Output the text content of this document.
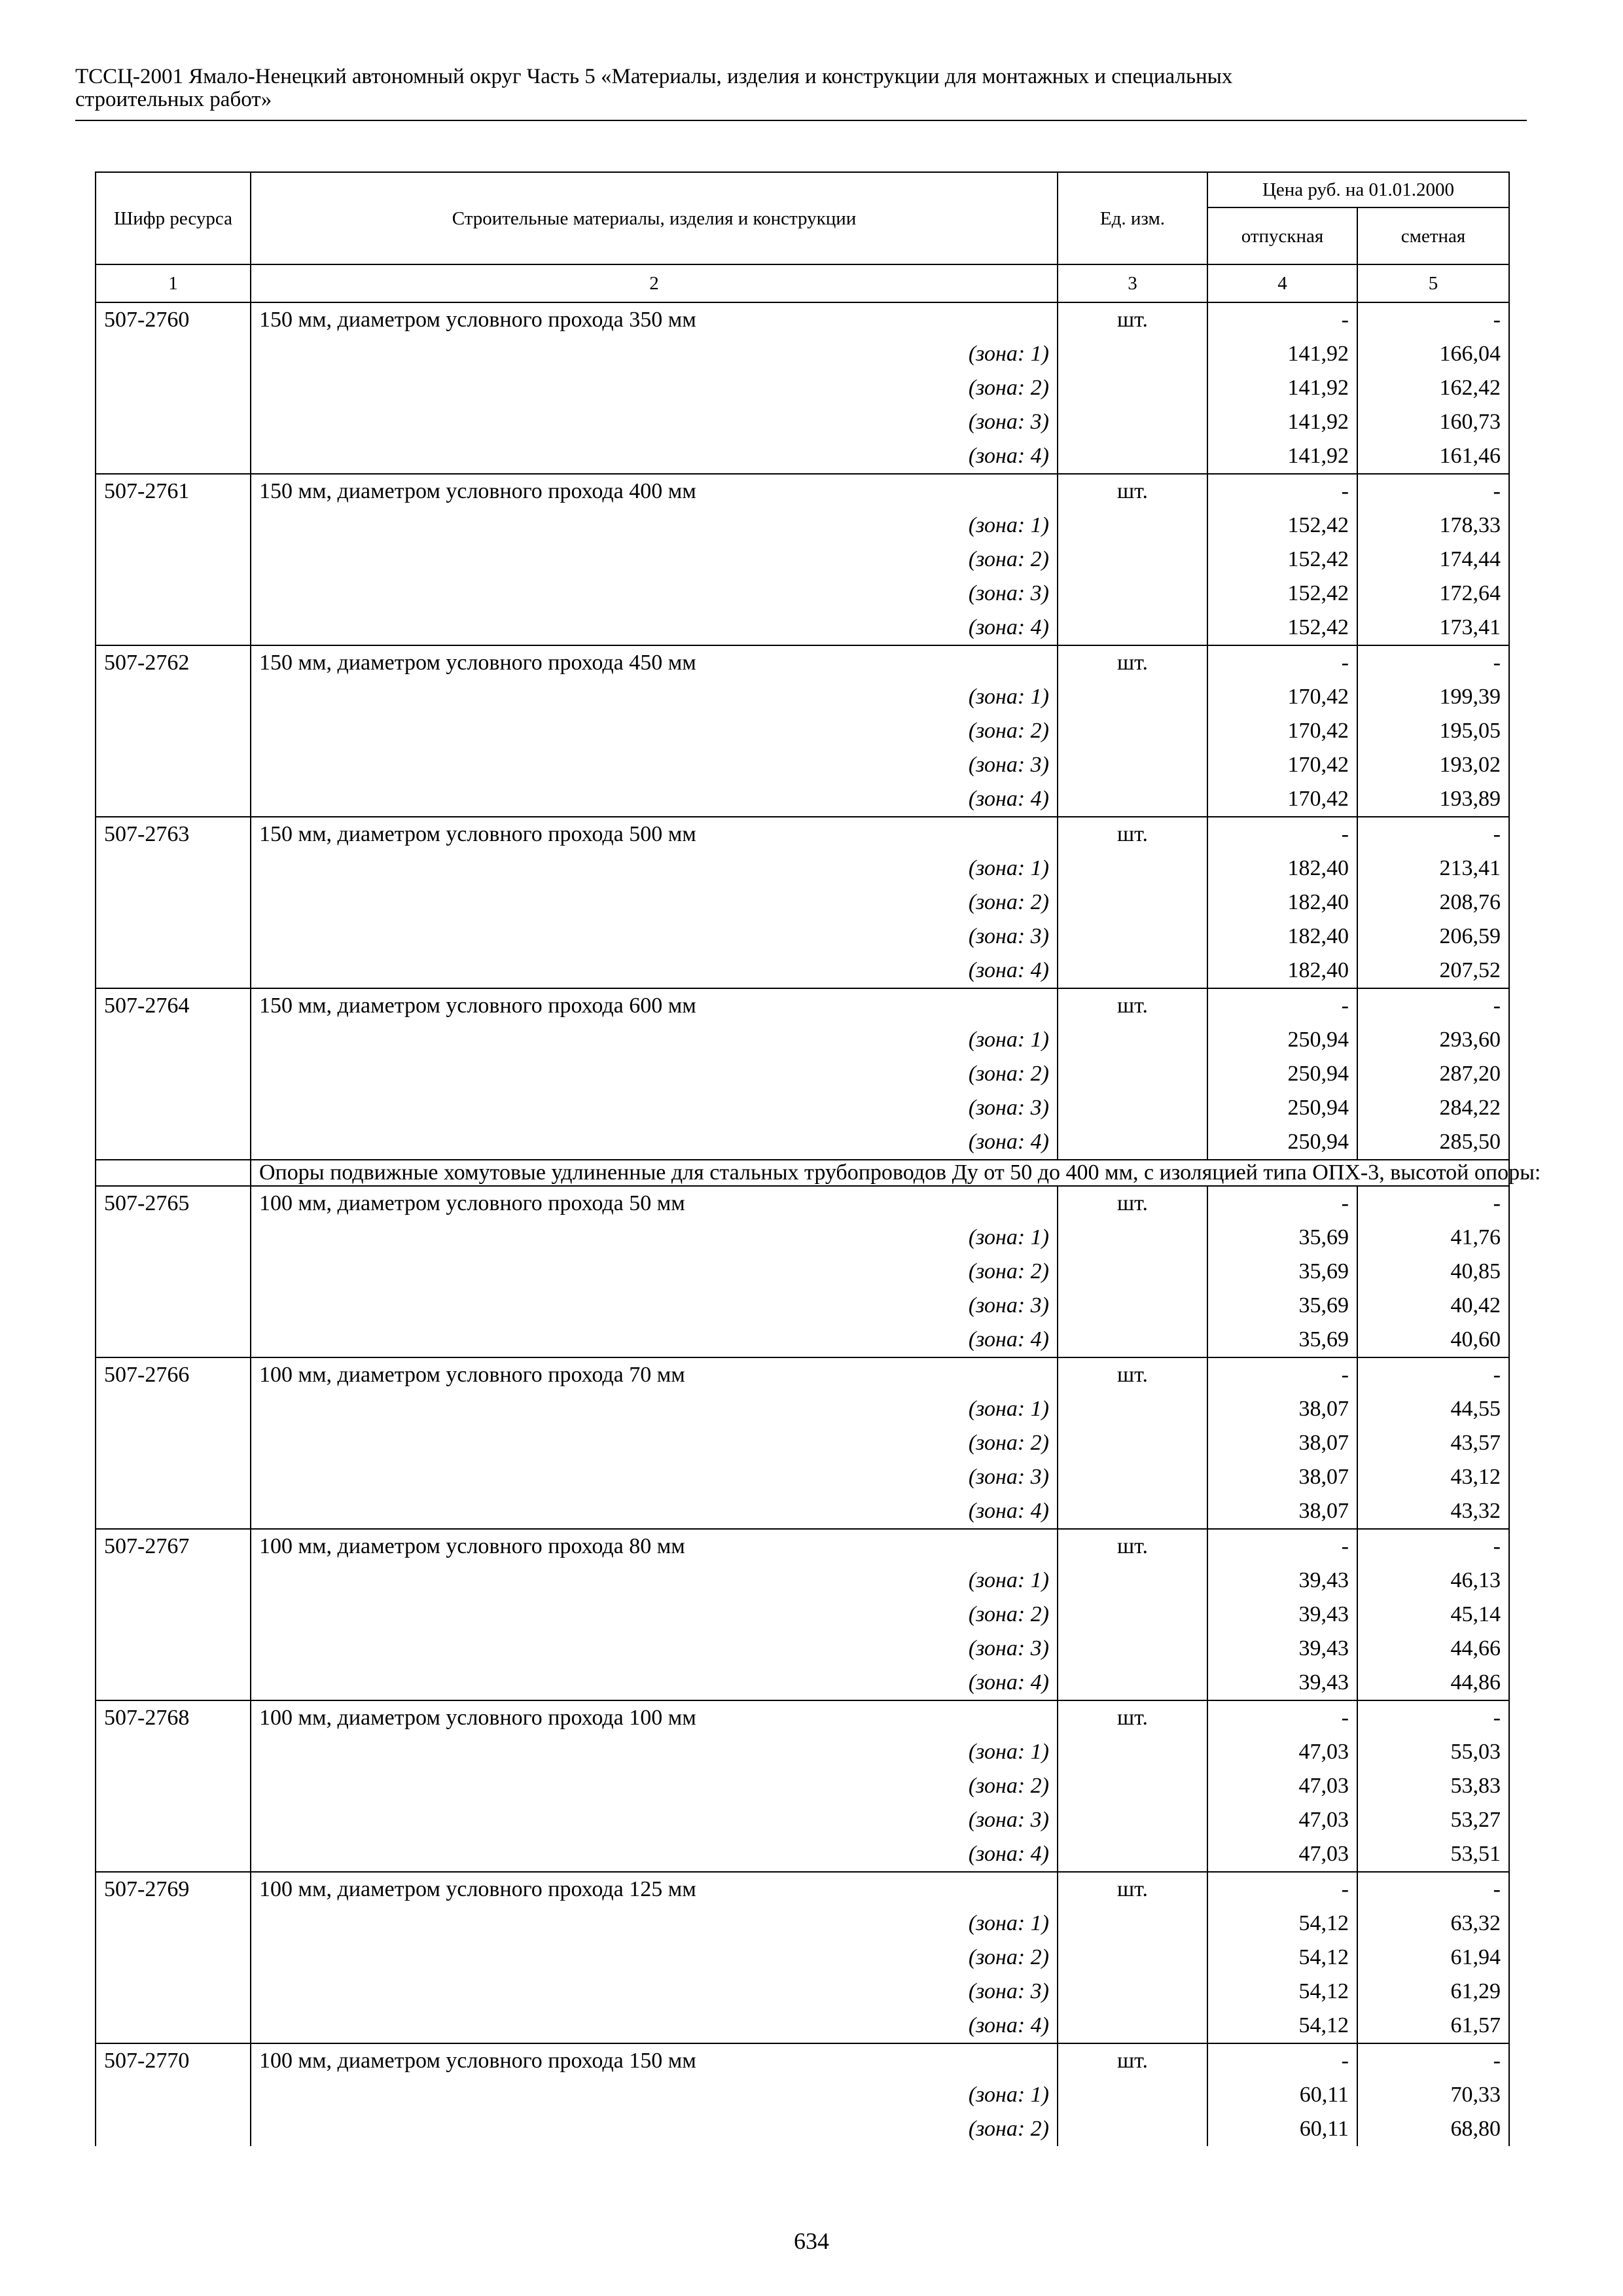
ТССЦ-2001 Ямало-Ненецкий автономный округ Часть 5 «Материалы, изделия и конструкции для монтажных и специальных
строительных работ»
Шифр ресурса	Строительные материалы, изделия и конструкции	Ед. изм.	Цена руб. на 01.01.2000	
			отпускная	сметная
1	2	3	4	5
507-2760	150 мм, диаметром условного прохода 350 мм	шт.	-	-
	(зона: 1)		141,92	166,04
	(зона: 2)		141,92	162,42
	(зона: 3)		141,92	160,73
	(зона: 4)		141,92	161,46
507-2761	150 мм, диаметром условного прохода 400 мм	шт.	-	-
	(зона: 1)		152,42	178,33
	(зона: 2)		152,42	174,44
	(зона: 3)		152,42	172,64
	(зона: 4)		152,42	173,41
507-2762	150 мм, диаметром условного прохода 450 мм	шт.	-	-
	(зона: 1)		170,42	199,39
	(зона: 2)		170,42	195,05
	(зона: 3)		170,42	193,02
	(зона: 4)		170,42	193,89
507-2763	150 мм, диаметром условного прохода 500 мм	шт.	-	-
	(зона: 1)		182,40	213,41
	(зона: 2)		182,40	208,76
	(зона: 3)		182,40	206,59
	(зона: 4)		182,40	207,52
507-2764	150 мм, диаметром условного прохода 600 мм	шт.	-	-
	(зона: 1)		250,94	293,60
	(зона: 2)		250,94	287,20
	(зона: 3)		250,94	284,22
	(зона: 4)		250,94	285,50
	Опоры подвижные хомутовые удлиненные для стальных трубопроводов Ду от 50 до 400 мм, с изоляцией типа ОПХ-3, высотой опоры:			
507-2765	100 мм, диаметром условного прохода 50 мм	шт.	-	-
	(зона: 1)		35,69	41,76
	(зона: 2)		35,69	40,85
	(зона: 3)		35,69	40,42
	(зона: 4)		35,69	40,60
507-2766	100 мм, диаметром условного прохода 70 мм	шт.	-	-
	(зона: 1)		38,07	44,55
	(зона: 2)		38,07	43,57
	(зона: 3)		38,07	43,12
	(зона: 4)		38,07	43,32
507-2767	100 мм, диаметром условного прохода 80 мм	шт.	-	-
	(зона: 1)		39,43	46,13
	(зона: 2)		39,43	45,14
	(зона: 3)		39,43	44,66
	(зона: 4)		39,43	44,86
507-2768	100 мм, диаметром условного прохода 100 мм	шт.	-	-
	(зона: 1)		47,03	55,03
	(зона: 2)		47,03	53,83
	(зона: 3)		47,03	53,27
	(зона: 4)		47,03	53,51
507-2769	100 мм, диаметром условного прохода 125 мм	шт.	-	-
	(зона: 1)		54,12	63,32
	(зона: 2)		54,12	61,94
	(зона: 3)		54,12	61,29
	(зона: 4)		54,12	61,57
507-2770	100 мм, диаметром условного прохода 150 мм	шт.	-	-
	(зона: 1)		60,11	70,33
	(зона: 2)		60,11	68,80
634
